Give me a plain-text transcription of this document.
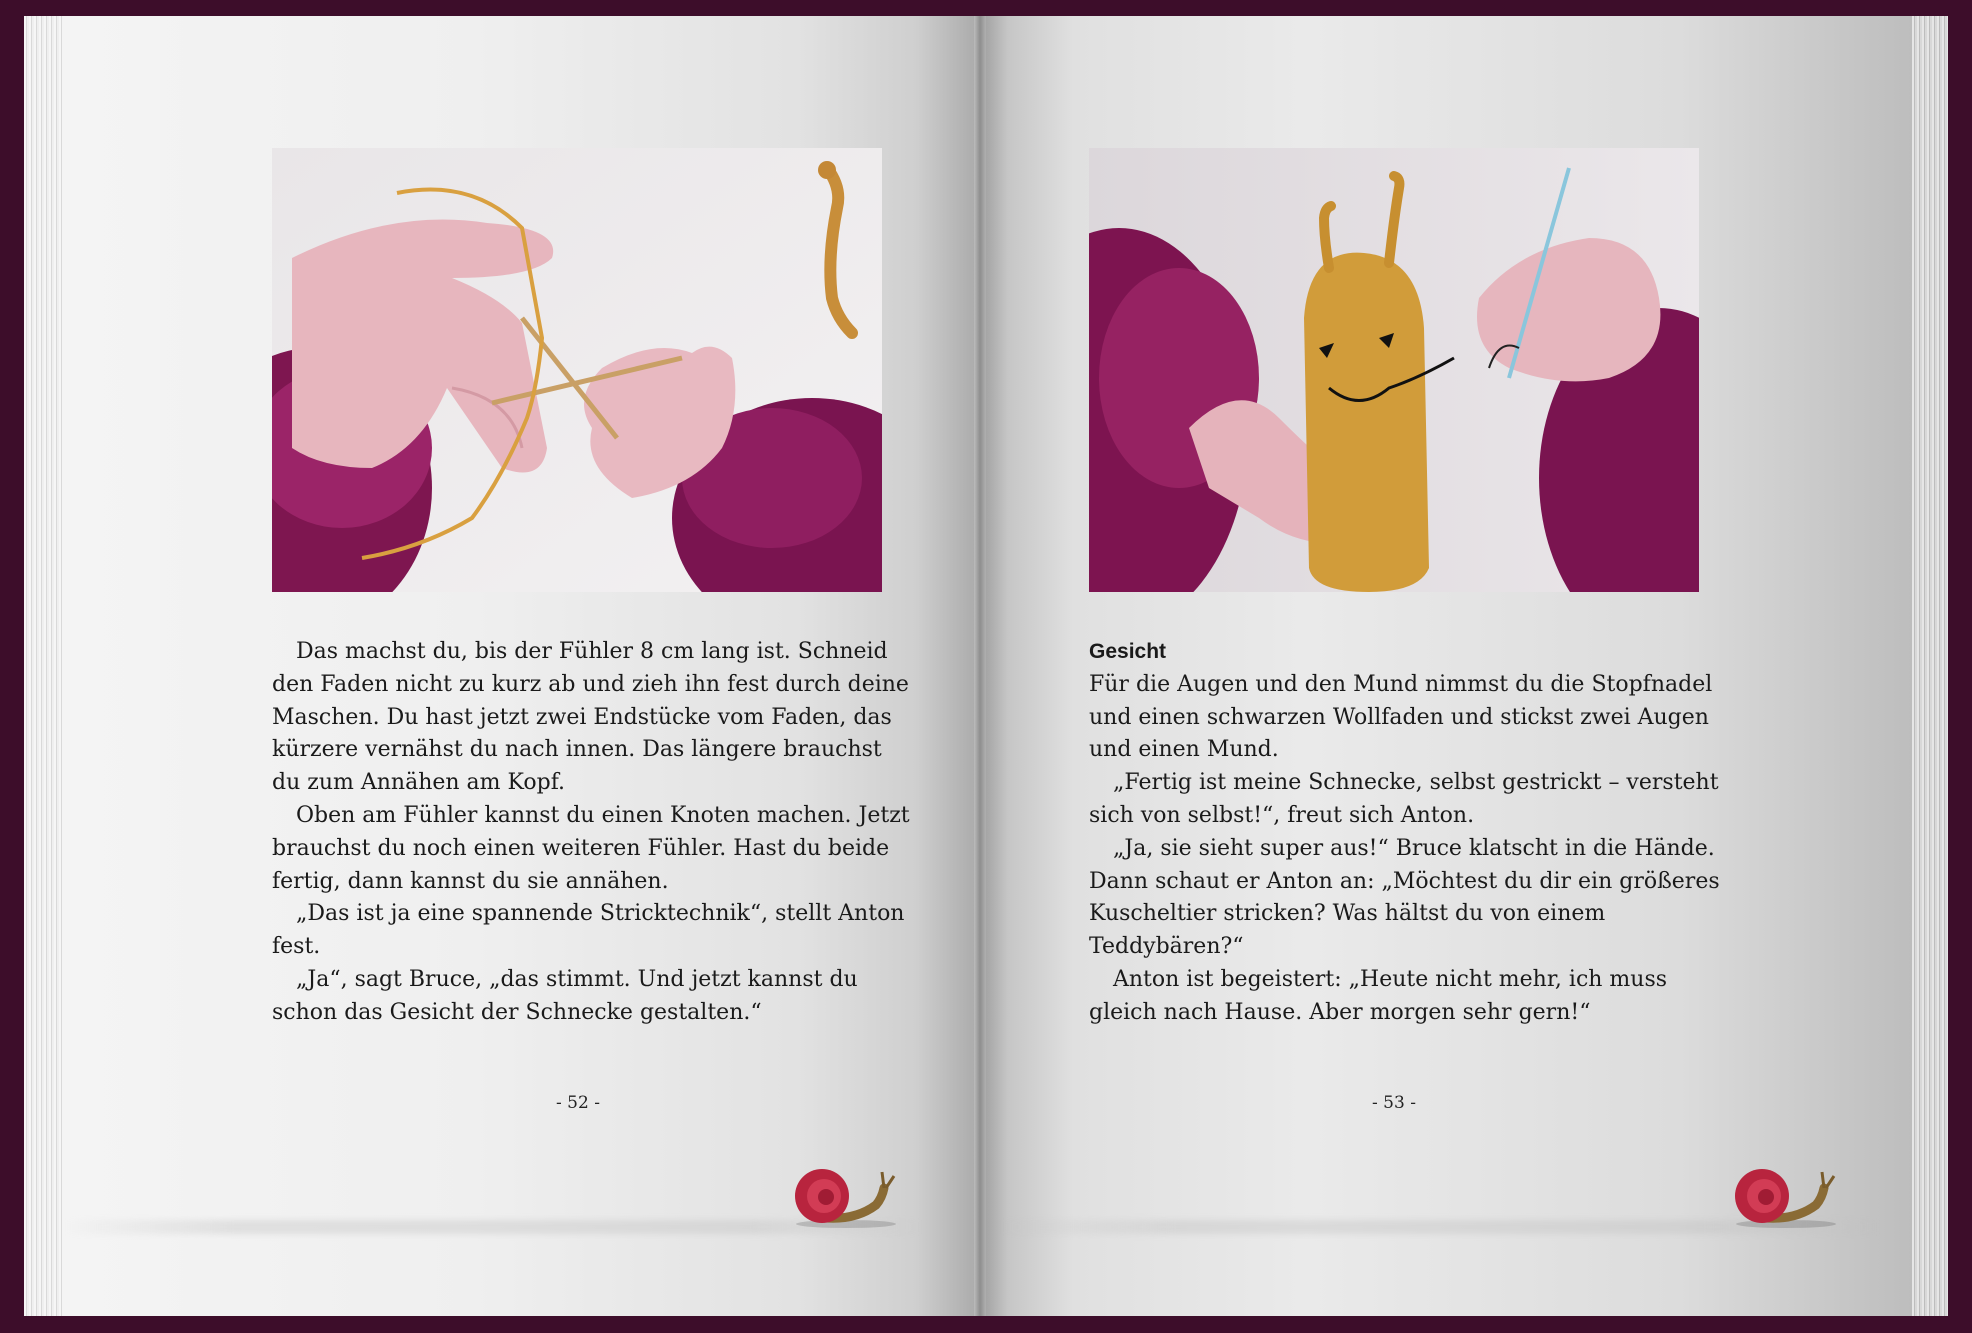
Das machst du, bis der Fühler 8 cm lang ist. Schneid den Faden nicht zu kurz ab und zieh ihn fest durch deine Maschen. Du hast jetzt zwei Endstücke vom Faden, das kürzere vernähst du nach innen. Das längere brauchst du zum Annähen am Kopf.

Oben am Fühler kannst du einen Knoten machen. Jetzt brauchst du noch einen weiteren Fühler. Hast du beide fertig, dann kannst du sie annähen.

„Das ist ja eine spannende Stricktechnik“, stellt Anton fest.

„Ja“, sagt Bruce, „das stimmt. Und jetzt kannst du schon das Gesicht der Schnecke gestalten.“

- 52 -

Gesicht

Für die Augen und den Mund nimmst du die Stopfnadel und einen schwarzen Wollfaden und stickst zwei Augen und einen Mund.

„Fertig ist meine Schnecke, selbst gestrickt – versteht sich von selbst!“, freut sich Anton.

„Ja, sie sieht super aus!“ Bruce klatscht in die Hände. Dann schaut er Anton an: „Möchtest du dir ein größeres Kuscheltier stricken? Was hältst du von einem Teddybären?“

Anton ist begeistert: „Heute nicht mehr, ich muss gleich nach Hause. Aber morgen sehr gern!“

- 53 -
